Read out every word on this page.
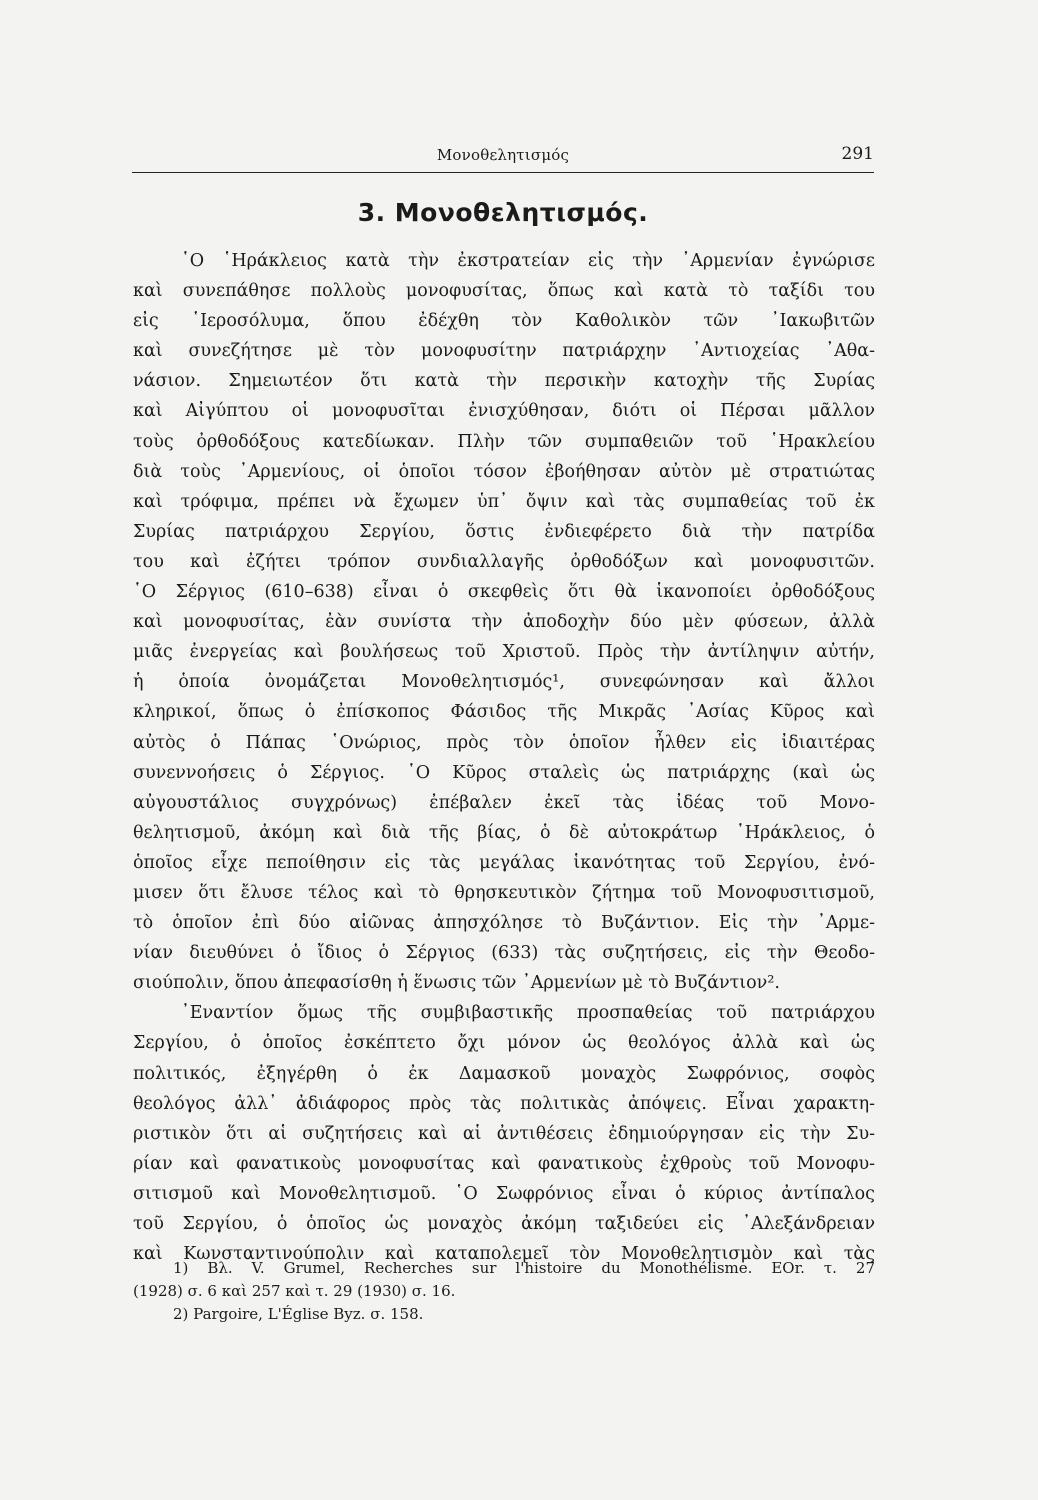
Μονοθελητισμός	291
3. Μονοθελητισμός.
῾Ο ῾Ηράκλειος κατὰ τὴν ἐκστρατείαν εἰς τὴν ᾿Αρμενίαν ἐγνώρισε
καὶ συνεπάθησε πολλοὺς μονοφυσίτας, ὅπως καὶ κατὰ τὸ ταξίδι του
εἰς ῾Ιεροσόλυμα, ὅπου ἐδέχθη τὸν Καθολικὸν τῶν ᾿Ιακωβιτῶν
καὶ συνεζήτησε μὲ τὸν μονοφυσίτην πατριάρχην ᾿Αντιοχείας ᾿Αθα-
νάσιον. Σημειωτέον ὅτι κατὰ τὴν περσικὴν κατοχὴν τῆς Συρίας
καὶ Αἰγύπτου οἱ μονοφυσῖται ἐνισχύθησαν, διότι οἱ Πέρσαι μᾶλλον
τοὺς ὀρθοδόξους κατεδίωκαν. Πλὴν τῶν συμπαθειῶν τοῦ ῾Ηρακλείου
διὰ τοὺς ᾿Αρμενίους, οἱ ὁποῖοι τόσον ἐβοήθησαν αὐτὸν μὲ στρατιώτας
καὶ τρόφιμα, πρέπει νὰ ἔχωμεν ὑπ᾿ ὄψιν καὶ τὰς συμπαθείας τοῦ ἐκ
Συρίας πατριάρχου Σεργίου, ὅστις ἐνδιεφέρετο διὰ τὴν πατρίδα
του καὶ ἐζήτει τρόπον συνδιαλλαγῆς ὀρθοδόξων καὶ μονοφυσιτῶν.
῾Ο Σέργιος (610–638) εἶναι ὁ σκεφθεὶς ὅτι θὰ ἱκανοποίει ὀρθοδόξους
καὶ μονοφυσίτας, ἐὰν συνίστα τὴν ἀποδοχὴν δύο μὲν φύσεων, ἀλλὰ
μιᾶς ἐνεργείας καὶ βουλήσεως τοῦ Χριστοῦ. Πρὸς τὴν ἀντίληψιν αὐτήν,
ἡ ὁποία ὀνομάζεται Μονοθελητισμός¹, συνεφώνησαν καὶ ἄλλοι
κληρικοί, ὅπως ὁ ἐπίσκοπος Φάσιδος τῆς Μικρᾶς ᾿Ασίας Κῦρος καὶ
αὐτὸς ὁ Πάπας ῾Ονώριος, πρὸς τὸν ὁποῖον ἦλθεν εἰς ἰδιαιτέρας
συνεννοήσεις ὁ Σέργιος. ῾Ο Κῦρος σταλεὶς ὡς πατριάρχης (καὶ ὡς
αὐγουστάλιος συγχρόνως) ἐπέβαλεν ἐκεῖ τὰς ἰδέας τοῦ Μονο-
θελητισμοῦ, ἀκόμη καὶ διὰ τῆς βίας, ὁ δὲ αὐτοκράτωρ ῾Ηράκλειος, ὁ
ὁποῖος εἶχε πεποίθησιν εἰς τὰς μεγάλας ἱκανότητας τοῦ Σεργίου, ἐνό-
μισεν ὅτι ἔλυσε τέλος καὶ τὸ θρησκευτικὸν ζήτημα τοῦ Μονοφυσιτισμοῦ,
τὸ ὁποῖον ἐπὶ δύο αἰῶνας ἀπησχόλησε τὸ Βυζάντιον. Εἰς τὴν ᾿Αρμε-
νίαν διευθύνει ὁ ἴδιος ὁ Σέργιος (633) τὰς συζητήσεις, εἰς τὴν Θεοδο-
σιούπολιν, ὅπου ἀπεφασίσθη ἡ ἕνωσις τῶν ᾿Αρμενίων μὲ τὸ Βυζάντιον².
᾿Εναντίον ὅμως τῆς συμβιβαστικῆς προσπαθείας τοῦ πατριάρχου
Σεργίου, ὁ ὁποῖος ἐσκέπτετο ὄχι μόνον ὡς θεολόγος ἀλλὰ καὶ ὡς
πολιτικός, ἐξηγέρθη ὁ ἐκ Δαμασκοῦ μοναχὸς Σωφρόνιος, σοφὸς
θεολόγος ἀλλ᾿ ἀδιάφορος πρὸς τὰς πολιτικὰς ἀπόψεις. Εἶναι χαρακτη-
ριστικὸν ὅτι αἱ συζητήσεις καὶ αἱ ἀντιθέσεις ἐδημιούργησαν εἰς τὴν Συ-
ρίαν καὶ φανατικοὺς μονοφυσίτας καὶ φανατικοὺς ἐχθροὺς τοῦ Μονοφυ-
σιτισμοῦ καὶ Μονοθελητισμοῦ. ῾Ο Σωφρόνιος εἶναι ὁ κύριος ἀντίπαλος
τοῦ Σεργίου, ὁ ὁποῖος ὡς μοναχὸς ἀκόμη ταξιδεύει εἰς ᾿Αλεξάνδρειαν
καὶ Κωνσταντινούπολιν καὶ καταπολεμεῖ τὸν Μονοθελητισμὸν καὶ τὰς
1) Βλ. V. Grumel, Recherches sur l'histoire du Monothélisme. EOr. τ. 27
(1928) σ. 6 καὶ 257 καὶ τ. 29 (1930) σ. 16.
2) Pargoire, L'Église Byz. σ. 158.
